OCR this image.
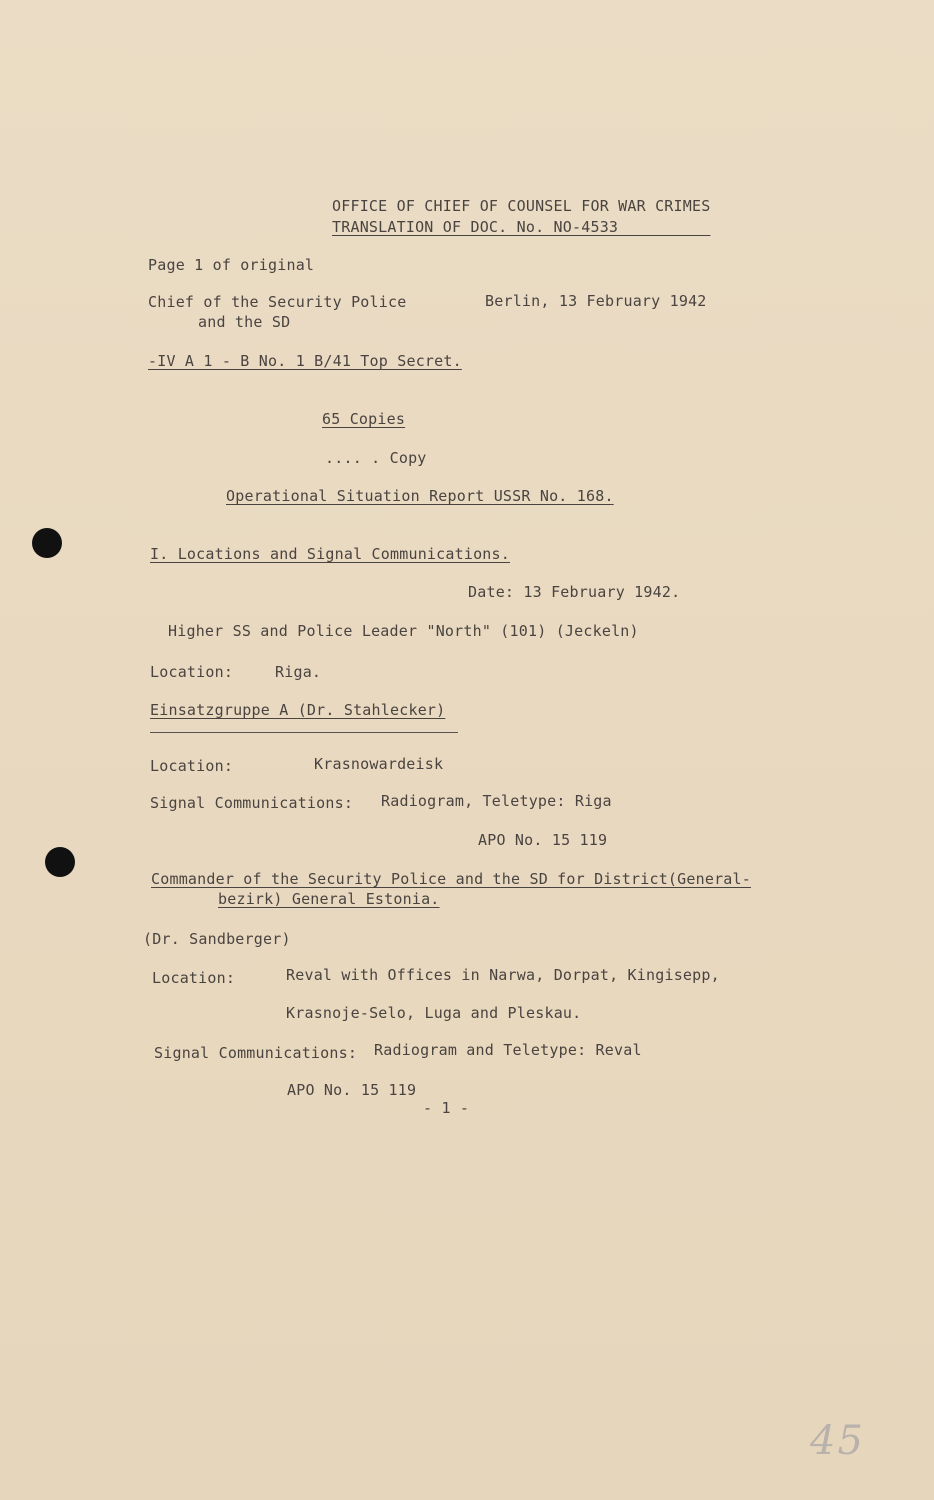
OFFICE OF CHIEF OF COUNSEL FOR WAR CRIMES
TRANSLATION OF DOC. No. NO-4533 _ _ _ _ _
Page 1 of original
Chief of the Security Police
and the SD
Berlin, 13 February 1942
-IV A 1 - B No. 1 B/41 Top Secret.
65 Copies
.... . Copy
Operational Situation Report USSR No. 168.
I. Locations and Signal Communications.
Date: 13 February 1942.
Higher SS and Police Leader "North" (101) (Jeckeln)
Location:	Riga.
Einsatzgruppe A (Dr. Stahlecker)
Location:	Krasnowardeisk
Signal Communications: Radiogram, Teletype: Riga
APO No. 15 119
Commander of the Security Police and the SD for District(General-
bezirk) General Estonia.
(Dr. Sandberger)
Location:	Reval with Offices in Narwa, Dorpat, Kingisepp,
Krasnoje-Selo, Luga and Pleskau.
Signal Communications: Radiogram and Teletype: Reval
APO No. 15 119
- 1 -
45
